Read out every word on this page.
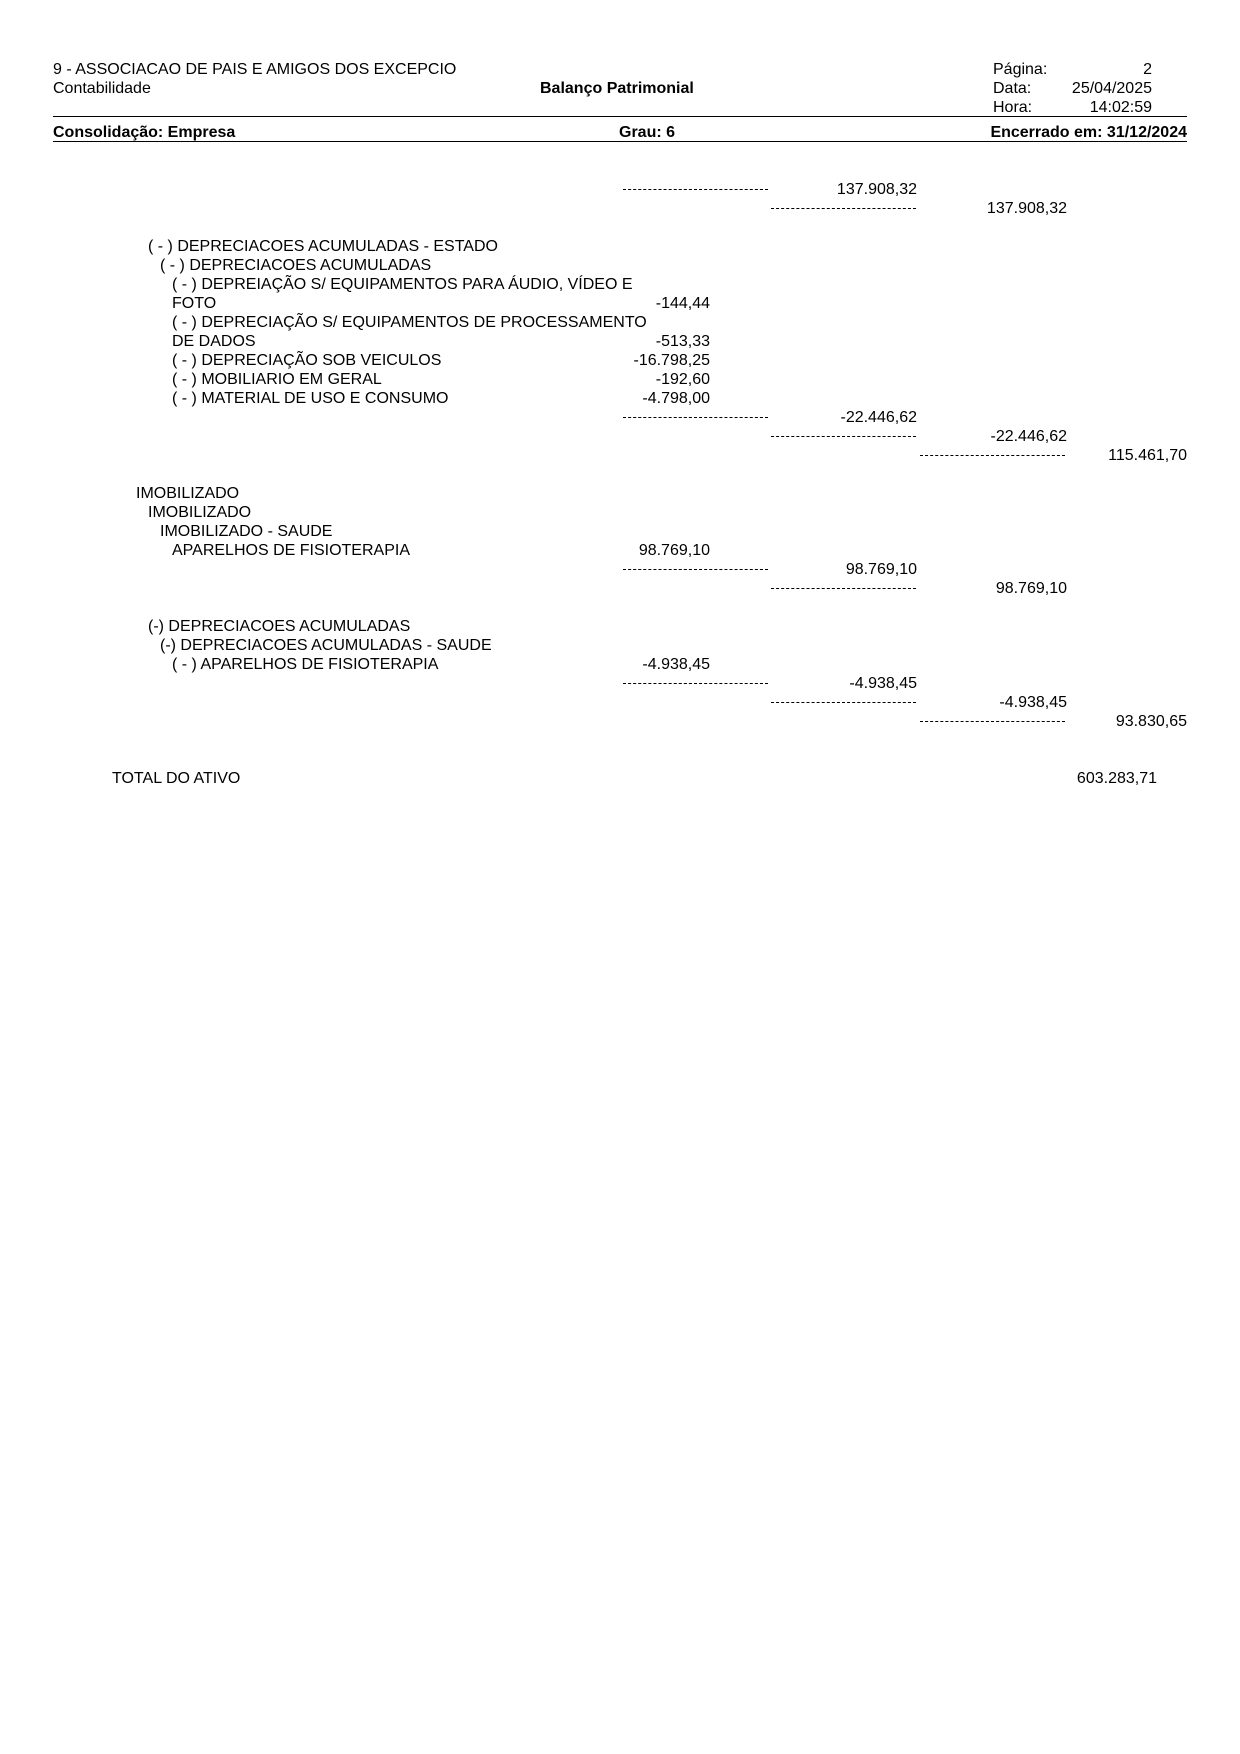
9 - ASSOCIACAO DE PAIS E AMIGOS DOS EXCEPCIO
Contabilidade	Balanço Patrimonial
Página:	2
Data:	25/04/2025
Hora:	14:02:59
Consolidação: Empresa	Grau: 6	Encerrado em: 31/12/2024
137.908,32
137.908,32
( - ) DEPRECIACOES ACUMULADAS - ESTADO
( - ) DEPRECIACOES ACUMULADAS
( - ) DEPREIAÇÃO S/ EQUIPAMENTOS PARA ÁUDIO, VÍDEO E
FOTO	-144,44
( - ) DEPRECIAÇÃO S/ EQUIPAMENTOS DE PROCESSAMENTO
DE DADOS	-513,33
( - ) DEPRECIAÇÃO SOB VEICULOS	-16.798,25
( - ) MOBILIARIO EM GERAL	-192,60
( - ) MATERIAL DE USO E CONSUMO	-4.798,00
-22.446,62
-22.446,62
115.461,70
IMOBILIZADO
IMOBILIZADO
IMOBILIZADO - SAUDE
APARELHOS DE FISIOTERAPIA	98.769,10
98.769,10
98.769,10
(-) DEPRECIACOES ACUMULADAS
(-) DEPRECIACOES ACUMULADAS - SAUDE
( - ) APARELHOS DE FISIOTERAPIA	-4.938,45
-4.938,45
-4.938,45
93.830,65
TOTAL DO ATIVO	603.283,71
